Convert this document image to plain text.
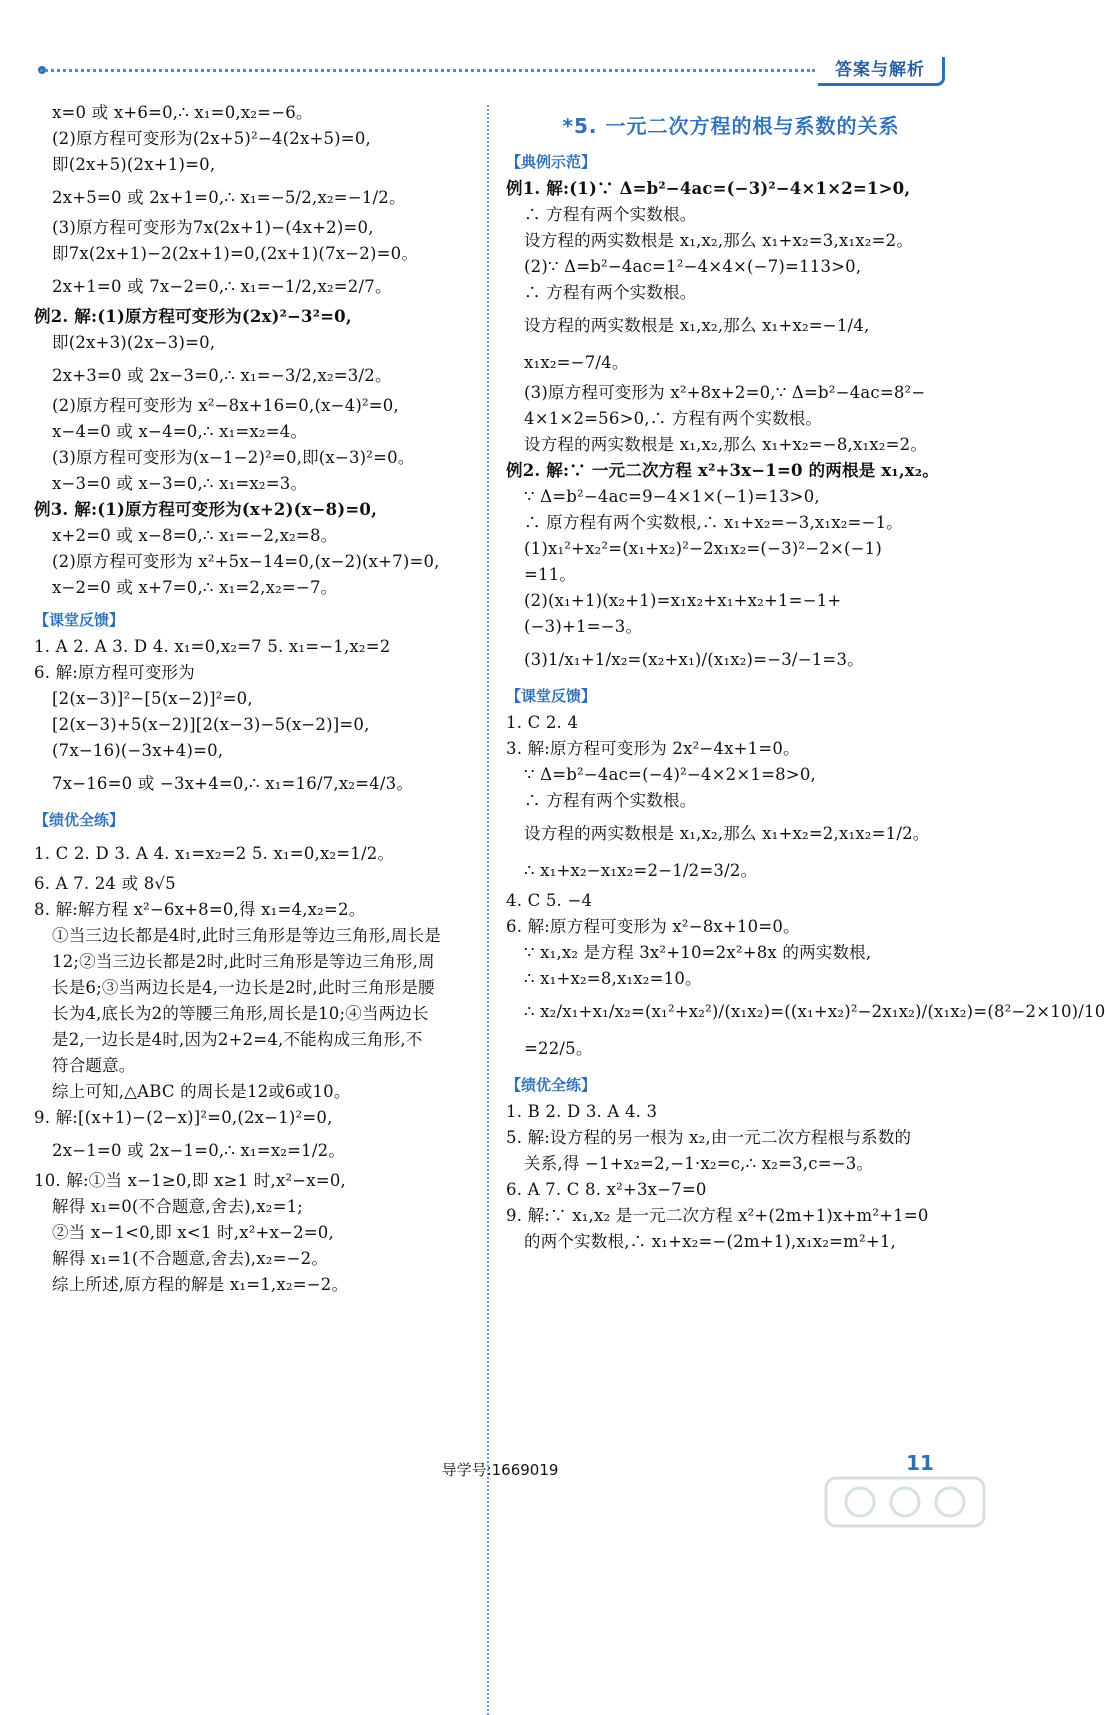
答案与解析

x=0 或 x+6=0,∴ x₁=0,x₂=−6。

(2)原方程可变形为(2x+5)²−4(2x+5)=0,

即(2x+5)(2x+1)=0,

2x+5=0 或 2x+1=0,∴ x₁=−5/2,x₂=−1/2。

(3)原方程可变形为7x(2x+1)−(4x+2)=0,

即7x(2x+1)−2(2x+1)=0,(2x+1)(7x−2)=0。

2x+1=0 或 7x−2=0,∴ x₁=−1/2,x₂=2/7。

例2. 解:(1)原方程可变形为(2x)²−3²=0,

即(2x+3)(2x−3)=0,

2x+3=0 或 2x−3=0,∴ x₁=−3/2,x₂=3/2。

(2)原方程可变形为 x²−8x+16=0,(x−4)²=0,

x−4=0 或 x−4=0,∴ x₁=x₂=4。

(3)原方程可变形为(x−1−2)²=0,即(x−3)²=0。

x−3=0 或 x−3=0,∴ x₁=x₂=3。

例3. 解:(1)原方程可变形为(x+2)(x−8)=0,

x+2=0 或 x−8=0,∴ x₁=−2,x₂=8。

(2)原方程可变形为 x²+5x−14=0,(x−2)(x+7)=0,

x−2=0 或 x+7=0,∴ x₁=2,x₂=−7。

【课堂反馈】

1. A 2. A 3. D 4. x₁=0,x₂=7 5. x₁=−1,x₂=2

6. 解:原方程可变形为

[2(x−3)]²−[5(x−2)]²=0,

[2(x−3)+5(x−2)][2(x−3)−5(x−2)]=0,

(7x−16)(−3x+4)=0,

7x−16=0 或 −3x+4=0,∴ x₁=16/7,x₂=4/3。

【绩优全练】

1. C 2. D 3. A 4. x₁=x₂=2 5. x₁=0,x₂=1/2。

6. A 7. 24 或 8√5

8. 解:解方程 x²−6x+8=0,得 x₁=4,x₂=2。

①当三边长都是4时,此时三角形是等边三角形,周长是

12;②当三边长都是2时,此时三角形是等边三角形,周

长是6;③当两边长是4,一边长是2时,此时三角形是腰

长为4,底长为2的等腰三角形,周长是10;④当两边长

是2,一边长是4时,因为2+2=4,不能构成三角形,不

符合题意。

综上可知,△ABC 的周长是12或6或10。

9. 解:[(x+1)−(2−x)]²=0,(2x−1)²=0,

2x−1=0 或 2x−1=0,∴ x₁=x₂=1/2。

10. 解:①当 x−1≥0,即 x≥1 时,x²−x=0,

解得 x₁=0(不合题意,舍去),x₂=1;

②当 x−1<0,即 x<1 时,x²+x−2=0,

解得 x₁=1(不合题意,舍去),x₂=−2。

综上所述,原方程的解是 x₁=1,x₂=−2。

*5. 一元二次方程的根与系数的关系

【典例示范】

例1. 解:(1)∵ Δ=b²−4ac=(−3)²−4×1×2=1>0,

∴ 方程有两个实数根。

设方程的两实数根是 x₁,x₂,那么 x₁+x₂=3,x₁x₂=2。

(2)∵ Δ=b²−4ac=1²−4×4×(−7)=113>0,

∴ 方程有两个实数根。

设方程的两实数根是 x₁,x₂,那么 x₁+x₂=−1/4,

x₁x₂=−7/4。

(3)原方程可变形为 x²+8x+2=0,∵ Δ=b²−4ac=8²−

4×1×2=56>0,∴ 方程有两个实数根。

设方程的两实数根是 x₁,x₂,那么 x₁+x₂=−8,x₁x₂=2。

例2. 解:∵ 一元二次方程 x²+3x−1=0 的两根是 x₁,x₂。

∵ Δ=b²−4ac=9−4×1×(−1)=13>0,

∴ 原方程有两个实数根,∴ x₁+x₂=−3,x₁x₂=−1。

(1)x₁²+x₂²=(x₁+x₂)²−2x₁x₂=(−3)²−2×(−1)

=11。

(2)(x₁+1)(x₂+1)=x₁x₂+x₁+x₂+1=−1+

(−3)+1=−3。

(3)1/x₁+1/x₂=(x₂+x₁)/(x₁x₂)=−3/−1=3。

【课堂反馈】

1. C 2. 4

3. 解:原方程可变形为 2x²−4x+1=0。

∵ Δ=b²−4ac=(−4)²−4×2×1=8>0,

∴ 方程有两个实数根。

设方程的两实数根是 x₁,x₂,那么 x₁+x₂=2,x₁x₂=1/2。

∴ x₁+x₂−x₁x₂=2−1/2=3/2。

4. C 5. −4

6. 解:原方程可变形为 x²−8x+10=0。

∵ x₁,x₂ 是方程 3x²+10=2x²+8x 的两实数根,

∴ x₁+x₂=8,x₁x₂=10。

∴ x₂/x₁+x₁/x₂=(x₁²+x₂²)/(x₁x₂)=((x₁+x₂)²−2x₁x₂)/(x₁x₂)=(8²−2×10)/10

=22/5。

【绩优全练】

1. B 2. D 3. A 4. 3

5. 解:设方程的另一根为 x₂,由一元二次方程根与系数的

关系,得 −1+x₂=2,−1·x₂=c,∴ x₂=3,c=−3。

6. A 7. C 8. x²+3x−7=0

9. 解:∵ x₁,x₂ 是一元二次方程 x²+(2m+1)x+m²+1=0

的两个实数根,∴ x₁+x₂=−(2m+1),x₁x₂=m²+1,

导学号:1669019	11
